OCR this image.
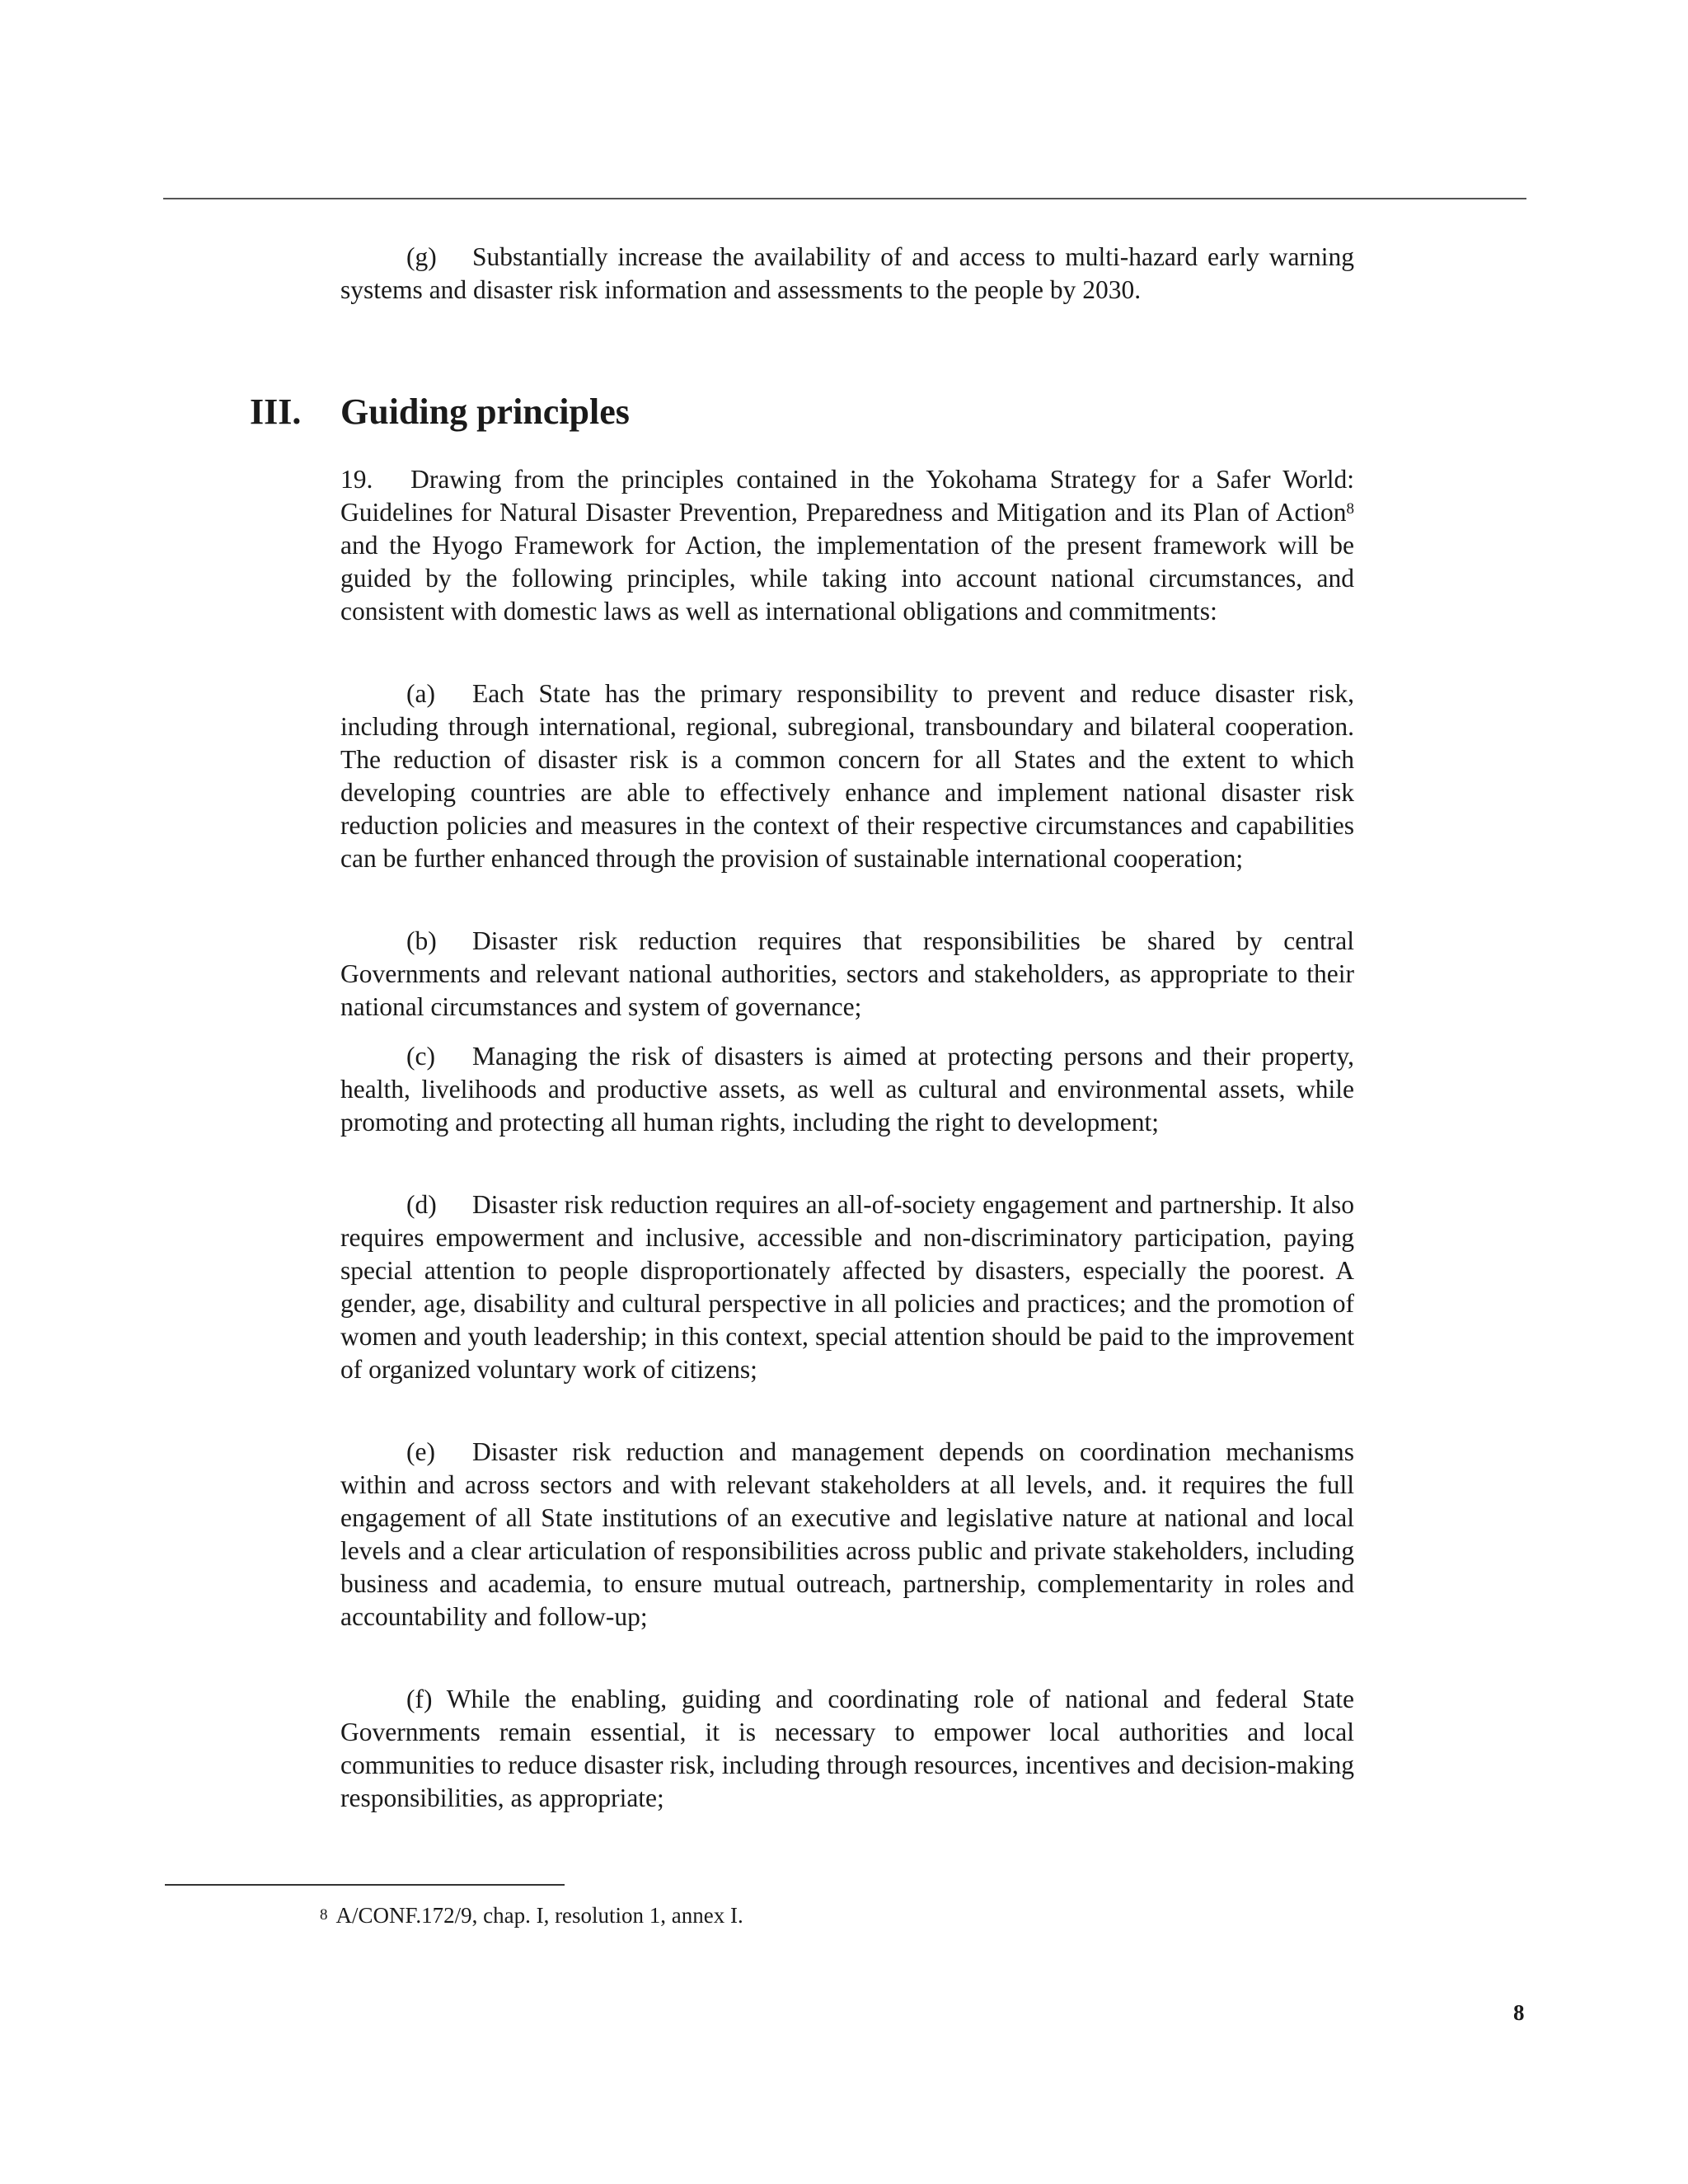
(g) Substantially increase the availability of and access to multi-hazard early warning systems and disaster risk information and assessments to the people by 2030.

III. Guiding principles

19. Drawing from the principles contained in the Yokohama Strategy for a Safer World: Guidelines for Natural Disaster Prevention, Preparedness and Mitigation and its Plan of Action$^8$ and the Hyogo Framework for Action, the implementation of the present framework will be guided by the following principles, while taking into account national circumstances, and consistent with domestic laws as well as international obligations and commitments:

(a) Each State has the primary responsibility to prevent and reduce disaster risk, including through international, regional, subregional, transboundary and bilateral cooperation. The reduction of disaster risk is a common concern for all States and the extent to which developing countries are able to effectively enhance and implement national disaster risk reduction policies and measures in the context of their respective circumstances and capabilities can be further enhanced through the provision of sustainable international cooperation;

(b) Disaster risk reduction requires that responsibilities be shared by central Governments and relevant national authorities, sectors and stakeholders, as appropriate to their national circumstances and system of governance;

(c) Managing the risk of disasters is aimed at protecting persons and their property, health, livelihoods and productive assets, as well as cultural and environmental assets, while promoting and protecting all human rights, including the right to development;

(d) Disaster risk reduction requires an all-of-society engagement and partnership. It also requires empowerment and inclusive, accessible and non-discriminatory participation, paying special attention to people disproportionately affected by disasters, especially the poorest. A gender, age, disability and cultural perspective in all policies and practices; and the promotion of women and youth leadership; in this context, special attention should be paid to the improvement of organized voluntary work of citizens;

(e) Disaster risk reduction and management depends on coordination mechanisms within and across sectors and with relevant stakeholders at all levels, and. it requires the full engagement of all State institutions of an executive and legislative nature at national and local levels and a clear articulation of responsibilities across public and private stakeholders, including business and academia, to ensure mutual outreach, partnership, complementarity in roles and accountability and follow-up;

(f) While the enabling, guiding and coordinating role of national and federal State Governments remain essential, it is necessary to empower local authorities and local communities to reduce disaster risk, including through resources, incentives and decision-making responsibilities, as appropriate;

8 A/CONF.172/9, chap. I, resolution 1, annex I.
8
